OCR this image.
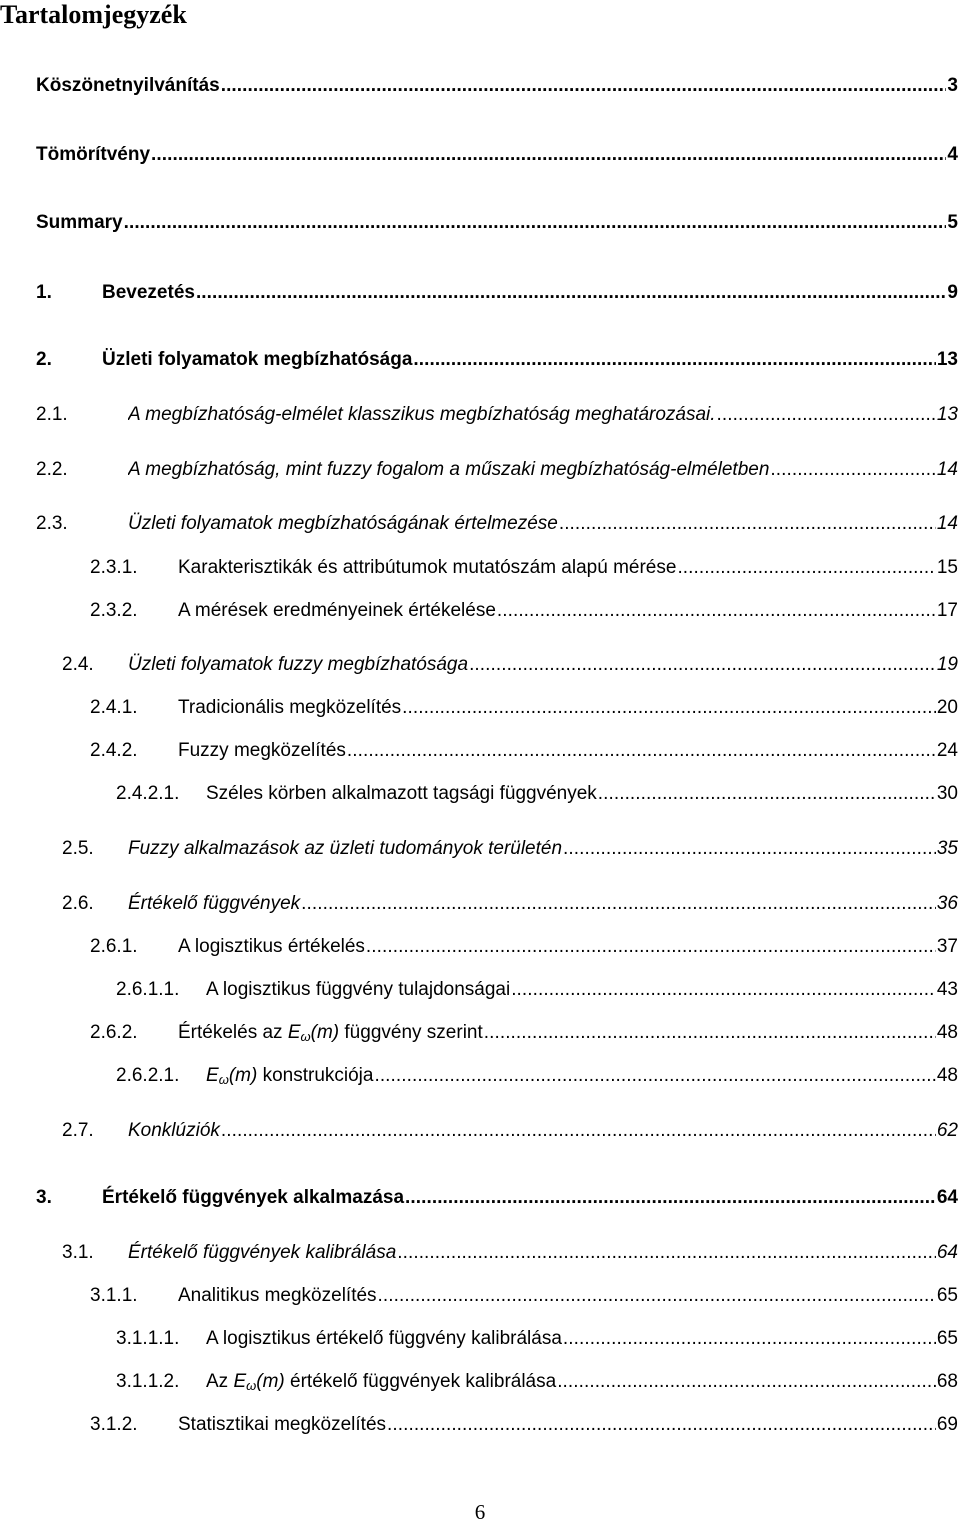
Tartalomjegyzék
Köszönetnyilvánítás . . .	3
Tömörítvény . . .	4
Summary . . .	5
1.	Bevezetés . . .	9
2.	Üzleti folyamatok megbízhatósága . . .	13
2.1.	A megbízhatóság-elmélet klasszikus megbízhatóság meghatározásai. . . .	13
2.2.	A megbízhatóság, mint fuzzy fogalom a műszaki megbízhatóság-elméletben . . .	14
2.3.	Üzleti folyamatok megbízhatóságának értelmezése . . .	14
2.3.1. Karakterisztikák és attribútumok mutatószám alapú mérése . . .	15
2.3.2. A mérések eredményeinek értékelése . . .	17
2.4. Üzleti folyamatok fuzzy megbízhatósága . . .	19
2.4.1. Tradicionális megközelítés . . .	20
2.4.2. Fuzzy megközelítés . . .	24
2.4.2.1. Széles körben alkalmazott tagsági függvények . . .	30
2.5. Fuzzy alkalmazások az üzleti tudományok területén . . .	35
2.6. Értékelő függvények . . .	36
2.6.1. A logisztikus értékelés . . .	37
2.6.1.1. A logisztikus függvény tulajdonságai . . .	43
2.6.2. Értékelés az $E_\omega(m)$ függvény szerint . . .	48
2.6.2.1. $E_\omega(m)$ konstrukciója . . .	48
2.7. Konklúziók . . .	62
3.	Értékelő függvények alkalmazása . . .	64
3.1. Értékelő függvények kalibrálása . . .	64
3.1.1. Analitikus megközelítés . . .	65
3.1.1.1. A logisztikus értékelő függvény kalibrálása . . .	65
3.1.1.2. Az $E_\omega(m)$ értékelő függvények kalibrálása . . .	68
3.1.2. Statisztikai megközelítés . . .	69
6
